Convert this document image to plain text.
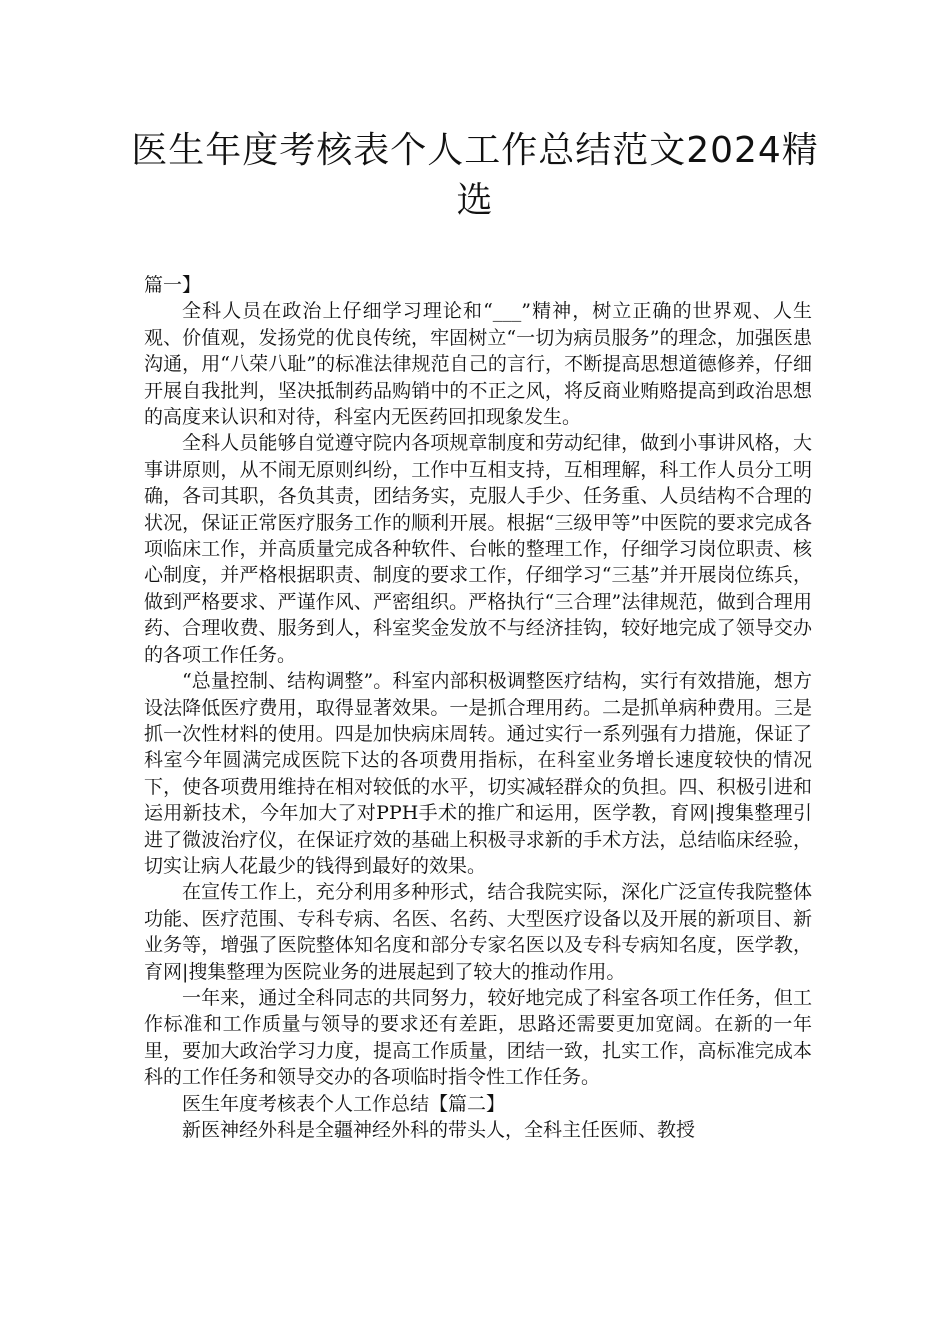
医生年度考核表个人工作总结范文2024精选

篇一】

全科人员在政治上仔细学习理论和“___”精神，树立正确的世界观、人生观、价值观，发扬党的优良传统，牢固树立“一切为病员服务”的理念，加强医患沟通，用“八荣八耻”的标准法律规范自己的言行，不断提高思想道德修养，仔细开展自我批判，坚决抵制药品购销中的不正之风，将反商业贿赂提高到政治思想的高度来认识和对待，科室内无医药回扣现象发生。

全科人员能够自觉遵守院内各项规章制度和劳动纪律，做到小事讲风格，大事讲原则，从不闹无原则纠纷，工作中互相支持，互相理解，科工作人员分工明确，各司其职，各负其责，团结务实，克服人手少、任务重、人员结构不合理的状况，保证正常医疗服务工作的顺利开展。根据“三级甲等”中医院的要求完成各项临床工作，并高质量完成各种软件、台帐的整理工作，仔细学习岗位职责、核心制度，并严格根据职责、制度的要求工作，仔细学习“三基”并开展岗位练兵，做到严格要求、严谨作风、严密组织。严格执行“三合理”法律规范，做到合理用药、合理收费、服务到人，科室奖金发放不与经济挂钩，较好地完成了领导交办的各项工作任务。

“总量控制、结构调整”。科室内部积极调整医疗结构，实行有效措施，想方设法降低医疗费用，取得显著效果。一是抓合理用药。二是抓单病种费用。三是抓一次性材料的使用。四是加快病床周转。通过实行一系列强有力措施，保证了科室今年圆满完成医院下达的各项费用指标，在科室业务增长速度较快的情况下，使各项费用维持在相对较低的水平，切实减轻群众的负担。四、积极引进和运用新技术，今年加大了对PPH手术的推广和运用，医学教，育网|搜集整理引进了微波治疗仪，在保证疗效的基础上积极寻求新的手术方法，总结临床经验，切实让病人花最少的钱得到最好的效果。

在宣传工作上，充分利用多种形式，结合我院实际，深化广泛宣传我院整体功能、医疗范围、专科专病、名医、名药、大型医疗设备以及开展的新项目、新业务等，增强了医院整体知名度和部分专家名医以及专科专病知名度，医学教，育网|搜集整理为医院业务的进展起到了较大的推动作用。

一年来，通过全科同志的共同努力，较好地完成了科室各项工作任务，但工作标准和工作质量与领导的要求还有差距，思路还需要更加宽阔。在新的一年里，要加大政治学习力度，提高工作质量，团结一致，扎实工作，高标准完成本科的工作任务和领导交办的各项临时指令性工作任务。

医生年度考核表个人工作总结【篇二】

新医神经外科是全疆神经外科的带头人，全科主任医师、教授
